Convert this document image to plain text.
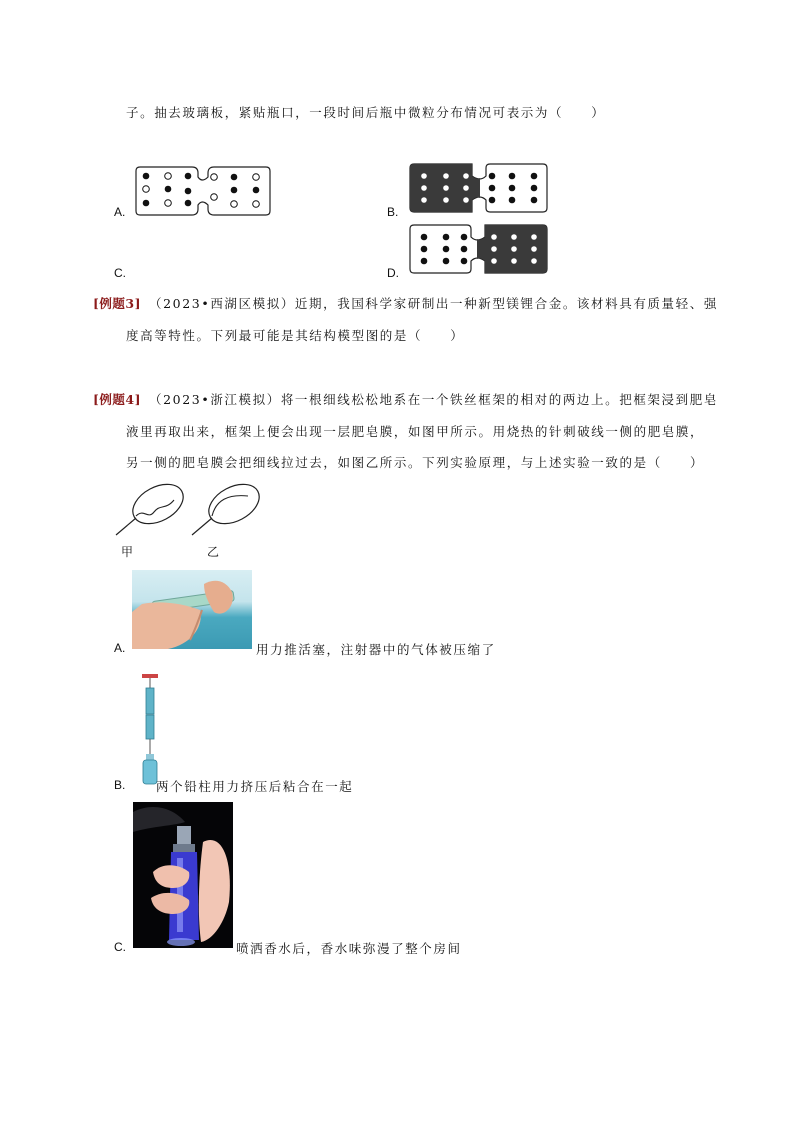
子。抽去玻璃板，紧贴瓶口，一段时间后瓶中微粒分布情况可表示为（　　）
A.	B.
C.	D.
[例题3] （2023•西湖区模拟）近期，我国科学家研制出一种新型镁锂合金。该材料具有质量轻、强
度高等特性。下列最可能是其结构模型图的是（　　）
[例题4] （2023•浙江模拟）将一根细线松松地系在一个铁丝框架的相对的两边上。把框架浸到肥皂
液里再取出来，框架上便会出现一层肥皂膜，如图甲所示。用烧热的针刺破线一侧的肥皂膜，
另一侧的肥皂膜会把细线拉过去，如图乙所示。下列实验原理，与上述实验一致的是（　　）
甲	乙
A.	用力推活塞，注射器中的气体被压缩了
B. 两个铅柱用力挤压后粘合在一起
C.	喷洒香水后，香水味弥漫了整个房间
